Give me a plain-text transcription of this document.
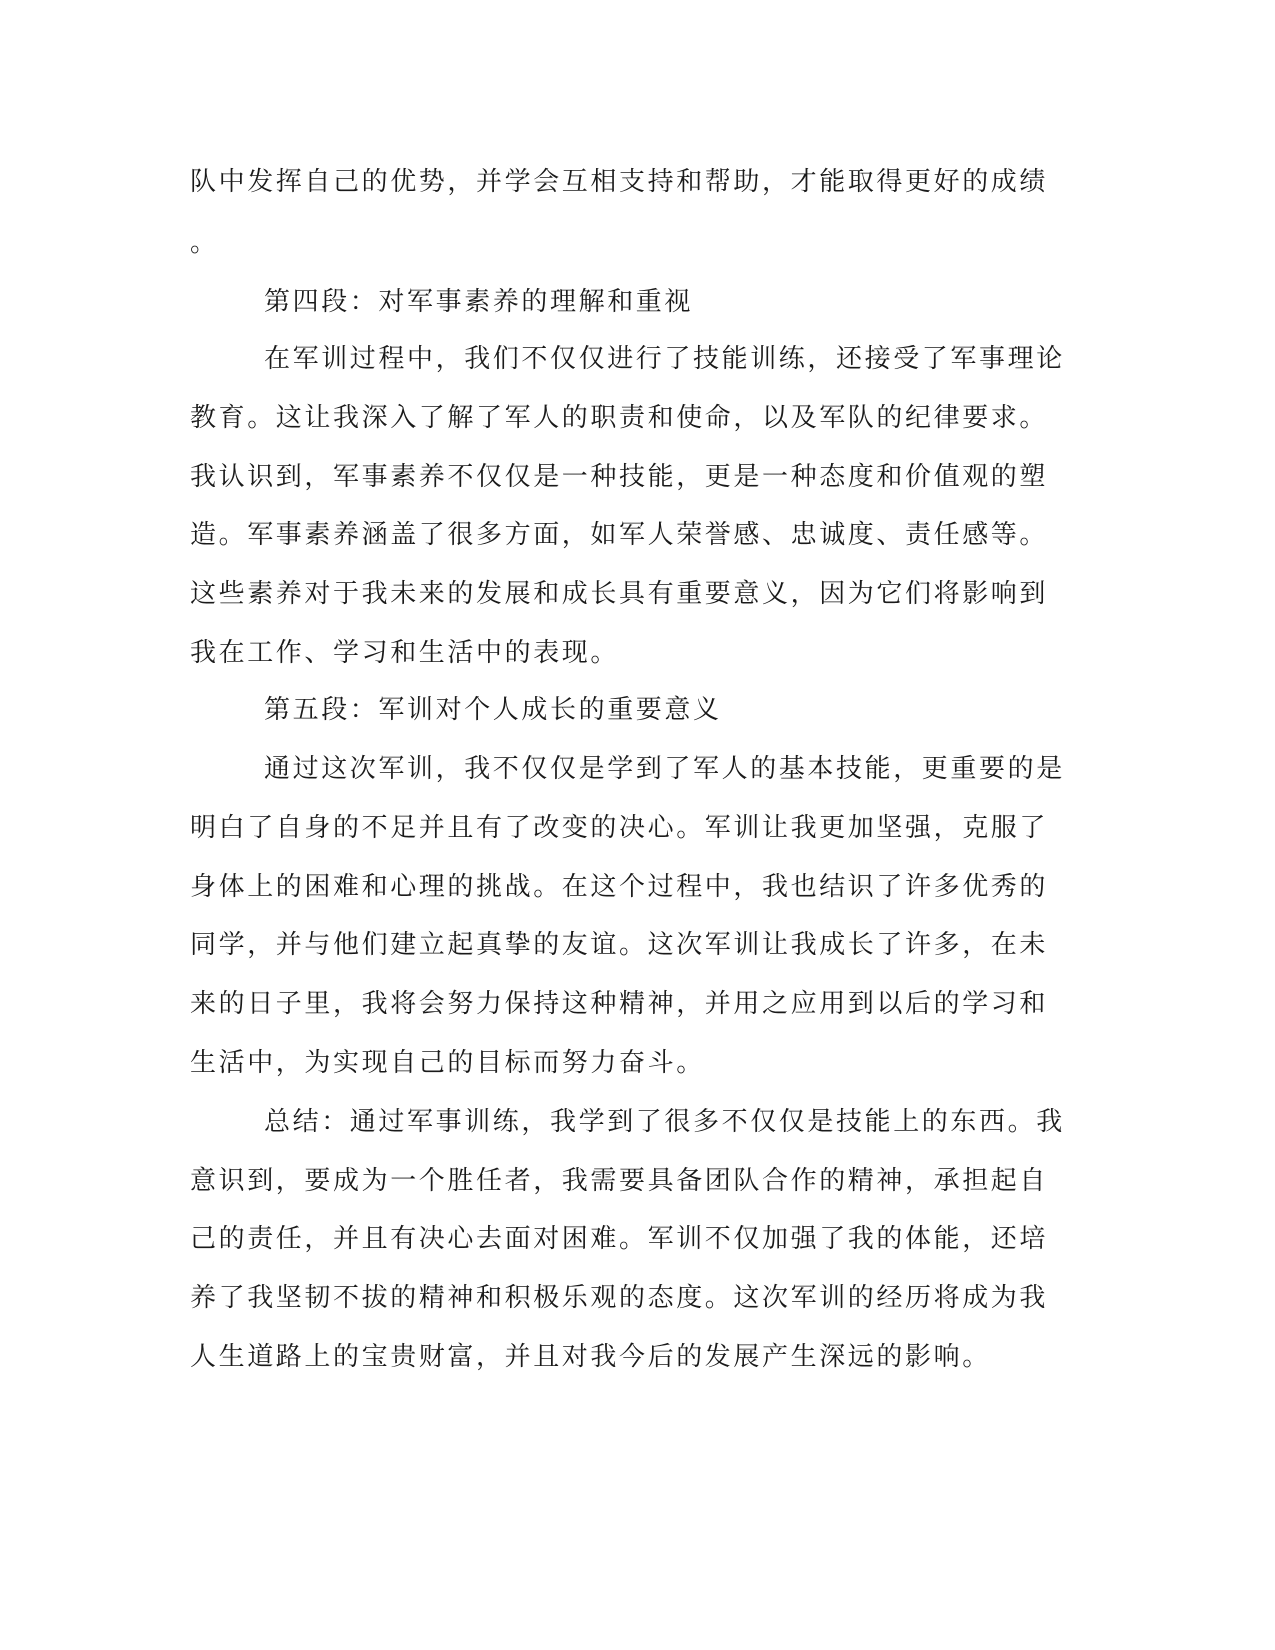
队中发挥自己的优势，并学会互相支持和帮助，才能取得更好的成绩

。

第四段：对军事素养的理解和重视

在军训过程中，我们不仅仅进行了技能训练，还接受了军事理论

教育。这让我深入了解了军人的职责和使命，以及军队的纪律要求。

我认识到，军事素养不仅仅是一种技能，更是一种态度和价值观的塑

造。军事素养涵盖了很多方面，如军人荣誉感、忠诚度、责任感等。

这些素养对于我未来的发展和成长具有重要意义，因为它们将影响到

我在工作、学习和生活中的表现。

第五段：军训对个人成长的重要意义

通过这次军训，我不仅仅是学到了军人的基本技能，更重要的是

明白了自身的不足并且有了改变的决心。军训让我更加坚强，克服了

身体上的困难和心理的挑战。在这个过程中，我也结识了许多优秀的

同学，并与他们建立起真挚的友谊。这次军训让我成长了许多，在未

来的日子里，我将会努力保持这种精神，并用之应用到以后的学习和

生活中，为实现自己的目标而努力奋斗。

总结：通过军事训练，我学到了很多不仅仅是技能上的东西。我

意识到，要成为一个胜任者，我需要具备团队合作的精神，承担起自

己的责任，并且有决心去面对困难。军训不仅加强了我的体能，还培

养了我坚韧不拔的精神和积极乐观的态度。这次军训的经历将成为我

人生道路上的宝贵财富，并且对我今后的发展产生深远的影响。
